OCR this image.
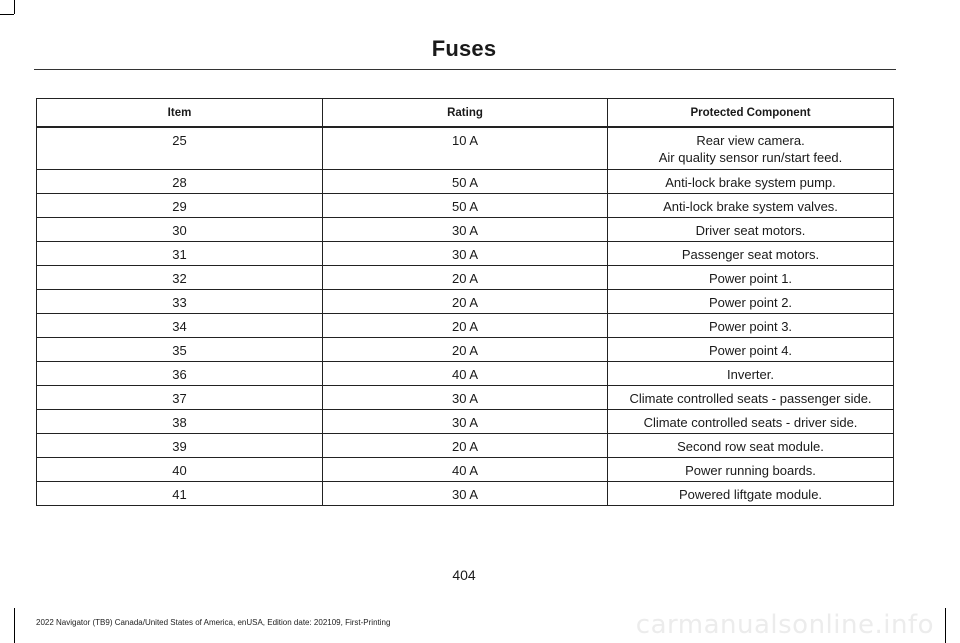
Fuses
Item	Rating	Protected Component
25	10 A	Rear view camera.
Air quality sensor run/start feed.

28	50 A	Anti-lock brake system pump.

29	50 A	Anti-lock brake system valves.

30	30 A	Driver seat motors.

31	30 A	Passenger seat motors.

32	20 A	Power point 1.

33	20 A	Power point 2.

34	20 A	Power point 3.

35	20 A	Power point 4.

36	40 A	Inverter.

37	30 A	Climate controlled seats - passenger side.

38	30 A	Climate controlled seats - driver side.

39	20 A	Second row seat module.

40	40 A	Power running boards.

41	30 A	Powered liftgate module.
404
2022 Navigator (TB9) Canada/United States of America, enUSA, Edition date: 202109, First-Printing	carmanualsonline.info
